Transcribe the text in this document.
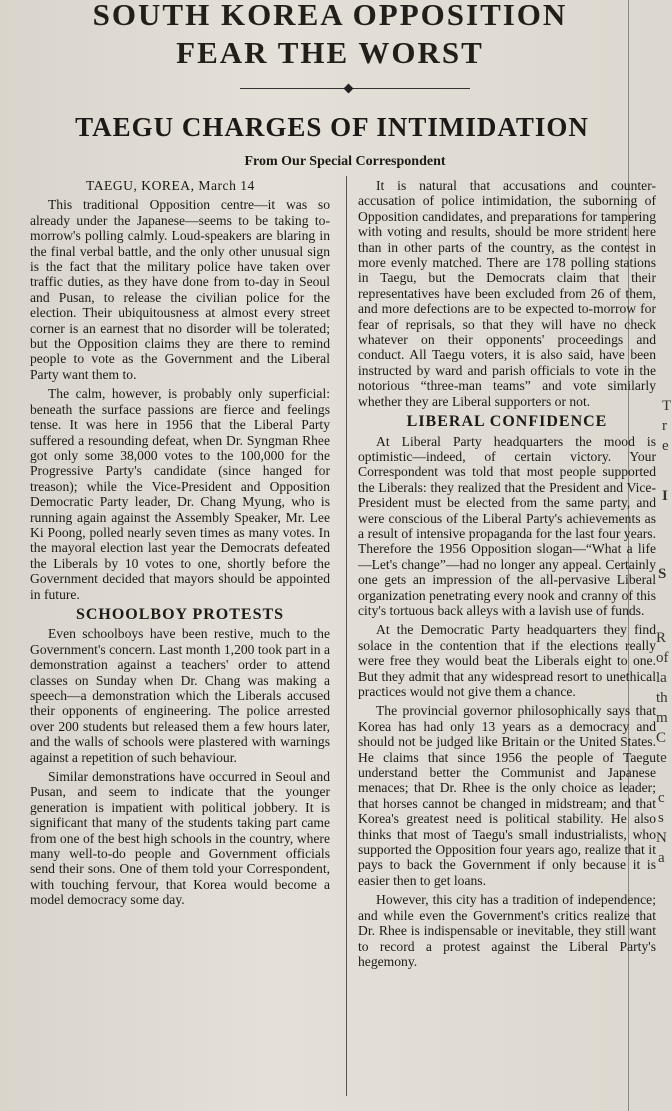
SOUTH KOREA OPPOSITION FEAR THE WORST
TAEGU CHARGES OF INTIMIDATION
From Our Special Correspondent

TAEGU, KOREA, March 14

This traditional Opposition centre—it was so already under the Japanese—seems to be taking to-morrow's polling calmly. Loud-speakers are blaring in the final verbal battle, and the only other unusual sign is the fact that the military police have taken over traffic duties, as they have done from to-day in Seoul and Pusan, to release the civilian police for the election. Their ubiquitousness at almost every street corner is an earnest that no disorder will be tolerated; but the Opposition claims they are there to remind people to vote as the Government and the Liberal Party want them to.

The calm, however, is probably only superficial: beneath the surface passions are fierce and feelings tense. It was here in 1956 that the Liberal Party suffered a resounding defeat, when Dr. Syngman Rhee got only some 38,000 votes to the 100,000 for the Progressive Party's candidate (since hanged for treason); while the Vice-President and Opposition Democratic Party leader, Dr. Chang Myung, who is running again against the Assembly Speaker, Mr. Lee Ki Poong, polled nearly seven times as many votes. In the mayoral election last year the Democrats defeated the Liberals by 10 votes to one, shortly before the Government decided that mayors should be appointed in future.

SCHOOLBOY PROTESTS

Even schoolboys have been restive, much to the Government's concern. Last month 1,200 took part in a demonstration against a teachers' order to attend classes on Sunday when Dr. Chang was making a speech—a demonstration which the Liberals accused their opponents of engineering. The police arrested over 200 students but released them a few hours later, and the walls of schools were plastered with warnings against a repetition of such behaviour.

Similar demonstrations have occurred in Seoul and Pusan, and seem to indicate that the younger generation is impatient with political jobbery. It is significant that many of the students taking part came from one of the best high schools in the country, where many well-to-do people and Government officials send their sons. One of them told your Correspondent, with touching fervour, that Korea would become a model democracy some day.

It is natural that accusations and counter-accusation of police intimidation, the suborning of Opposition candidates, and preparations for tampering with voting and results, should be more strident here than in other parts of the country, as the contest in more evenly matched. There are 178 polling stations in Taegu, but the Democrats claim that their representatives have been excluded from 26 of them, and more defections are to be expected to-morrow for fear of reprisals, so that they will have no check whatever on their opponents' proceedings and conduct. All Taegu voters, it is also said, have been instructed by ward and parish officials to vote in the notorious “three-man teams” and vote similarly whether they are Liberal supporters or not.

LIBERAL CONFIDENCE

At Liberal Party headquarters the mood is optimistic—indeed, of certain victory. Your Correspondent was told that most people supported the Liberals: they realized that the President and Vice-President must be elected from the same party, and were conscious of the Liberal Party's achievements as a result of intensive propaganda for the last four years. Therefore the 1956 Opposition slogan—“What a life—Let's change”—had no longer any appeal. Certainly one gets an impression of the all-pervasive Liberal organization penetrating every nook and cranny of this city's tortuous back alleys with a lavish use of funds.

At the Democratic Party headquarters they find solace in the contention that if the elections really were free they would beat the Liberals eight to one. But they admit that any widespread resort to unethical practices would not give them a chance.

The provincial governor philosophically says that Korea has had only 13 years as a democracy and should not be judged like Britain or the United States. He claims that since 1956 the people of Taegu understand better the Communist and Japanese menaces; that Dr. Rhee is the only choice as leader; that horses cannot be changed in midstream; and that Korea's greatest need is political stability. He also thinks that most of Taegu's small industrialists, who supported the Opposition four years ago, realize that it pays to back the Government if only because it is easier then to get loans.

However, this city has a tradition of independence; and while even the Government's critics realize that Dr. Rhee is indispensable or inevitable, they still want to record a protest against the Liberal Party's hegemony.

T
r
e
I
S
R
of
la
th
m
C
te
c
s
N
a
